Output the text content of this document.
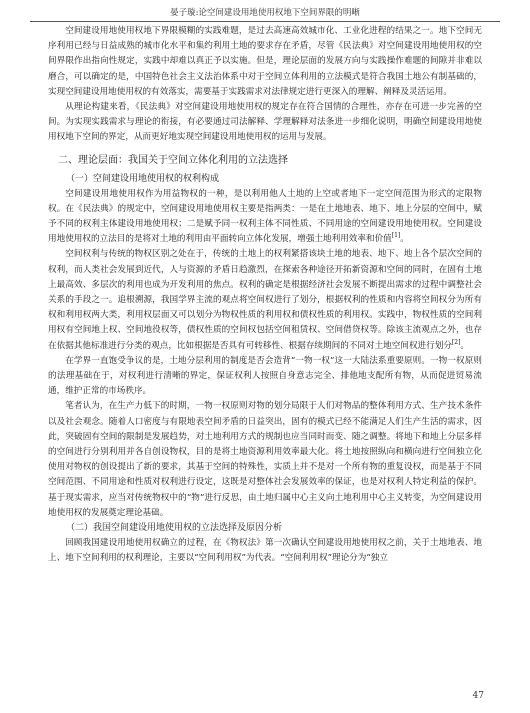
晏子璇:论空间建设用地使用权地下空间界限的明晰

空间建设用地使用权地下界限模糊的实践难题，是过去高速高效城市化、工业化进程的结果之一。地下空间无序利用已经与日益成熟的城市化水平和集约利用土地的要求存在矛盾，尽管《民法典》对空间建设用地使用权的空间界限作出指向性规定，实践中却难以真正予以实施。但是，理论层面的发展方向与实践操作难题的间隙并非难以磨合，可以确定的是，中国特色社会主义法治体系中对于空间立体利用的立法模式是符合我国土地公有制基础的，实现空间建设用地使用权的有效落实，需要基于实践需求对法律规定进行更深入的理解、阐释及灵活运用。

从理论构建来看，《民法典》对空间建设用地使用权的规定存在符合国情的合理性，亦存在可进一步完善的空间。为实现实践需求与理论的衔接，有必要通过司法解释、学理解释对法条进一步细化说明，明确空间建设用地使用权地下空间的界定，从而更好地实现空间建设用地使用权的运用与发展。

二、理论层面：我国关于空间立体化利用的立法选择
（一）空间建设用地使用权的权利构成

空间建设用地使用权作为用益物权的一种，是以利用他人土地的上空或者地下一定空间范围为形式的定限物权。在《民法典》的规定中，空间建设用地使用权主要是指两类：一是在土地地表、地下、地上分层的空间中，赋予不同的权利主体建设用地使用权；二是赋予同一权利主体不同性质、不同用途的空间建设用地使用权。空间建设用地使用权的立法目的是将对土地的利用由平面转向立体化发展，增强土地利用效率和价值[1]。

空间权利与传统的物权区别之处在于，传统的土地上的权利紧搭该块土地的地表、地下、地上各个层次空间的权利，而人类社会发展到近代，人与资源的矛盾日趋激烈，在探索各种途径开拓新资源和空间的同时，在固有土地上最高效、多层次的利用也成为开发利用的焦点。权利的确定是根据经济社会发展不断提出需求的过程中调整社会关系的手段之一。追根溯源，我国学界主流的观点将空间权进行了划分，根据权利的性质和内容将空间权分为所有权和利用权两大类，利用权层面又可以划分为物权性质的利用权和债权性质的利用权。实践中，物权性质的空间利用权有空间地上权、空间地役权等，债权性质的空间权包括空间租赁权、空间借贷权等。除该主流观点之外，也存在依据其他标准进行分类的观点，比如根据是否具有可转移性、根据存续期间的不同对土地空间权进行划分[2]。

在学界一直饱受争议的是，土地分层利用的制度是否会造背“一物一权”这一大陆法系重要原则。一物一权原则的法理基础在于，对权利进行清晰的界定，保证权利人按照自身意志完全、排他地支配所有物，从而促进贸易流通，维护正常的市场秩序。

笔者认为，在生产力低下的时期，一物一权原则对物的划分局限于人们对物品的整体利用方式、生产技术条件以及社会观念。随着人口密度与有限地表空间矛盾的日益突出，固有的模式已经不能满足人们生产生活的需求，因此，突破固有空间的限制是发展趋势，对土地利用方式的规制也应当同时而变、随之调整。将地下和地上分层多样的空间进行分别利用并各自创设物权，目的是将土地资源利用效率最大化。将土地按照纵向和横向进行空间独立化使用对物权的创设提出了新的要求，其基于空间的特殊性，实质上并不是对一个所有物的重复设权，而是基于不同空间范围、不同用途和性质对权利进行设定，这既是对整体社会发展效率的保证，也是对权利人特定利益的保护。基于现实需求，应当对传统物权中的“物”进行反思，由土地归属中心主义向土地利用中心主义转变，为空间建设用地使用权的发展奠定理论基础。

（二）我国空间建设用地使用权的立法选择及原因分析

回顾我国建设用地使用权确立的过程，在《物权法》第一次确认空间建设用地使用权之前，关于土地地表、地上、地下空间利用的权利理论，主要以“空间利用权”为代表。“空间利用权”理论分为“独立

47
